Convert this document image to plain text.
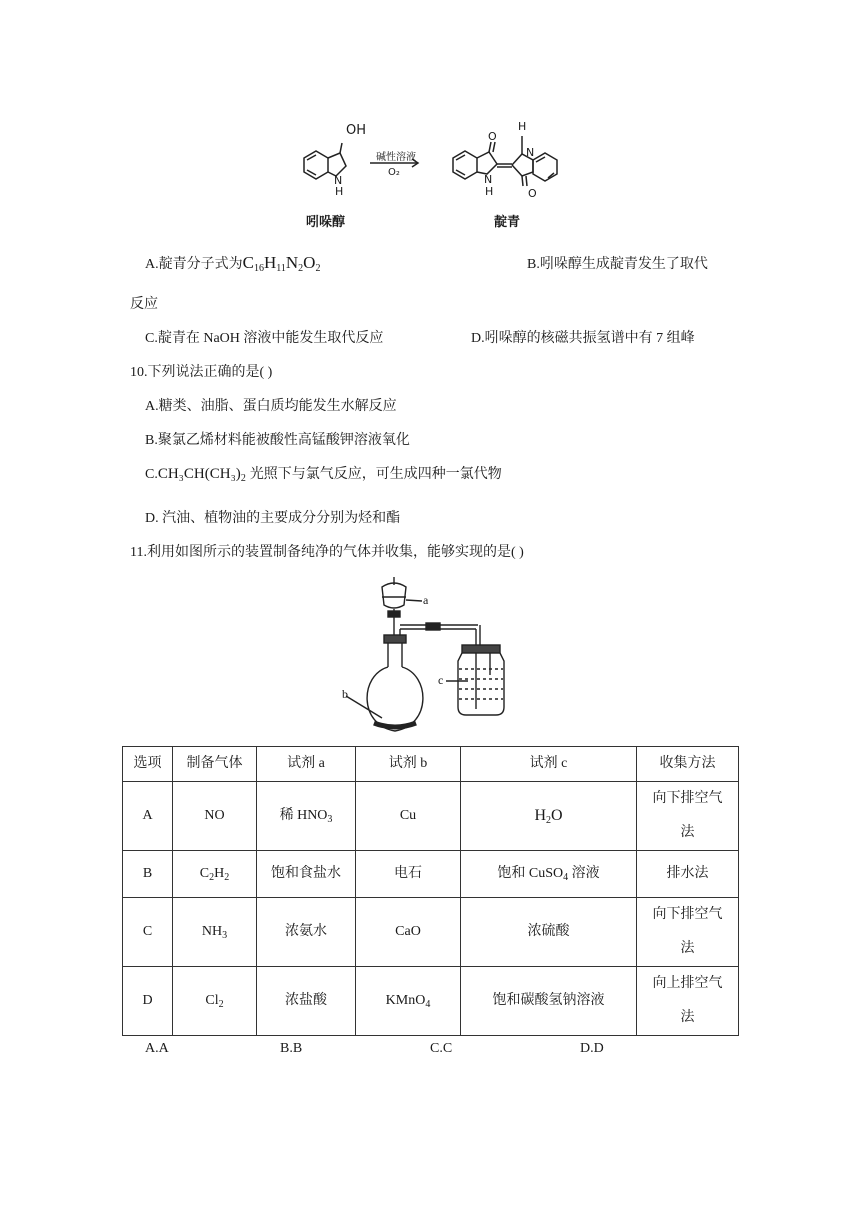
OH
N
H
碱性溶液
O₂
O
H
N
N
H	O
吲哚醇	靛青
A.靛青分子式为$C_{16}H_{11}N_2O_2$	B.吲哚醇生成靛青发生了取代
反应
C.靛青在 NaOH 溶液中能发生取代反应	D.吲哚醇的核磁共振氢谱中有 7 组峰
10.下列说法正确的是( )
A.糖类、油脂、蛋白质均能发生水解反应
B.聚氯乙烯材料能被酸性高锰酸钾溶液氧化
$C.CH_3CH(CH_3)_2$ 光照下与氯气反应，可生成四种一氯代物
D. 汽油、植物油的主要成分分别为烃和酯
11.利用如图所示的装置制备纯净的气体并收集，能够实现的是( )
a
b
c
选项	制备气体	试剂 a	试剂 b	试剂 c	收集方法
A	NO	稀 $HNO_3$	Cu	$H_2O$	向下排空气
法

B	$C_2H_2$	饱和食盐水	电石	饱和 CuSO$_4$ 溶液	排水法
C	$NH_3$	浓氨水	CaO	浓硫酸	向下排空气
法

D	$Cl_2$	浓盐酸	KMnO$_4$	饱和碳酸氢钠溶液	向上排空气
法
A.A	B.B	C.C	D.D
